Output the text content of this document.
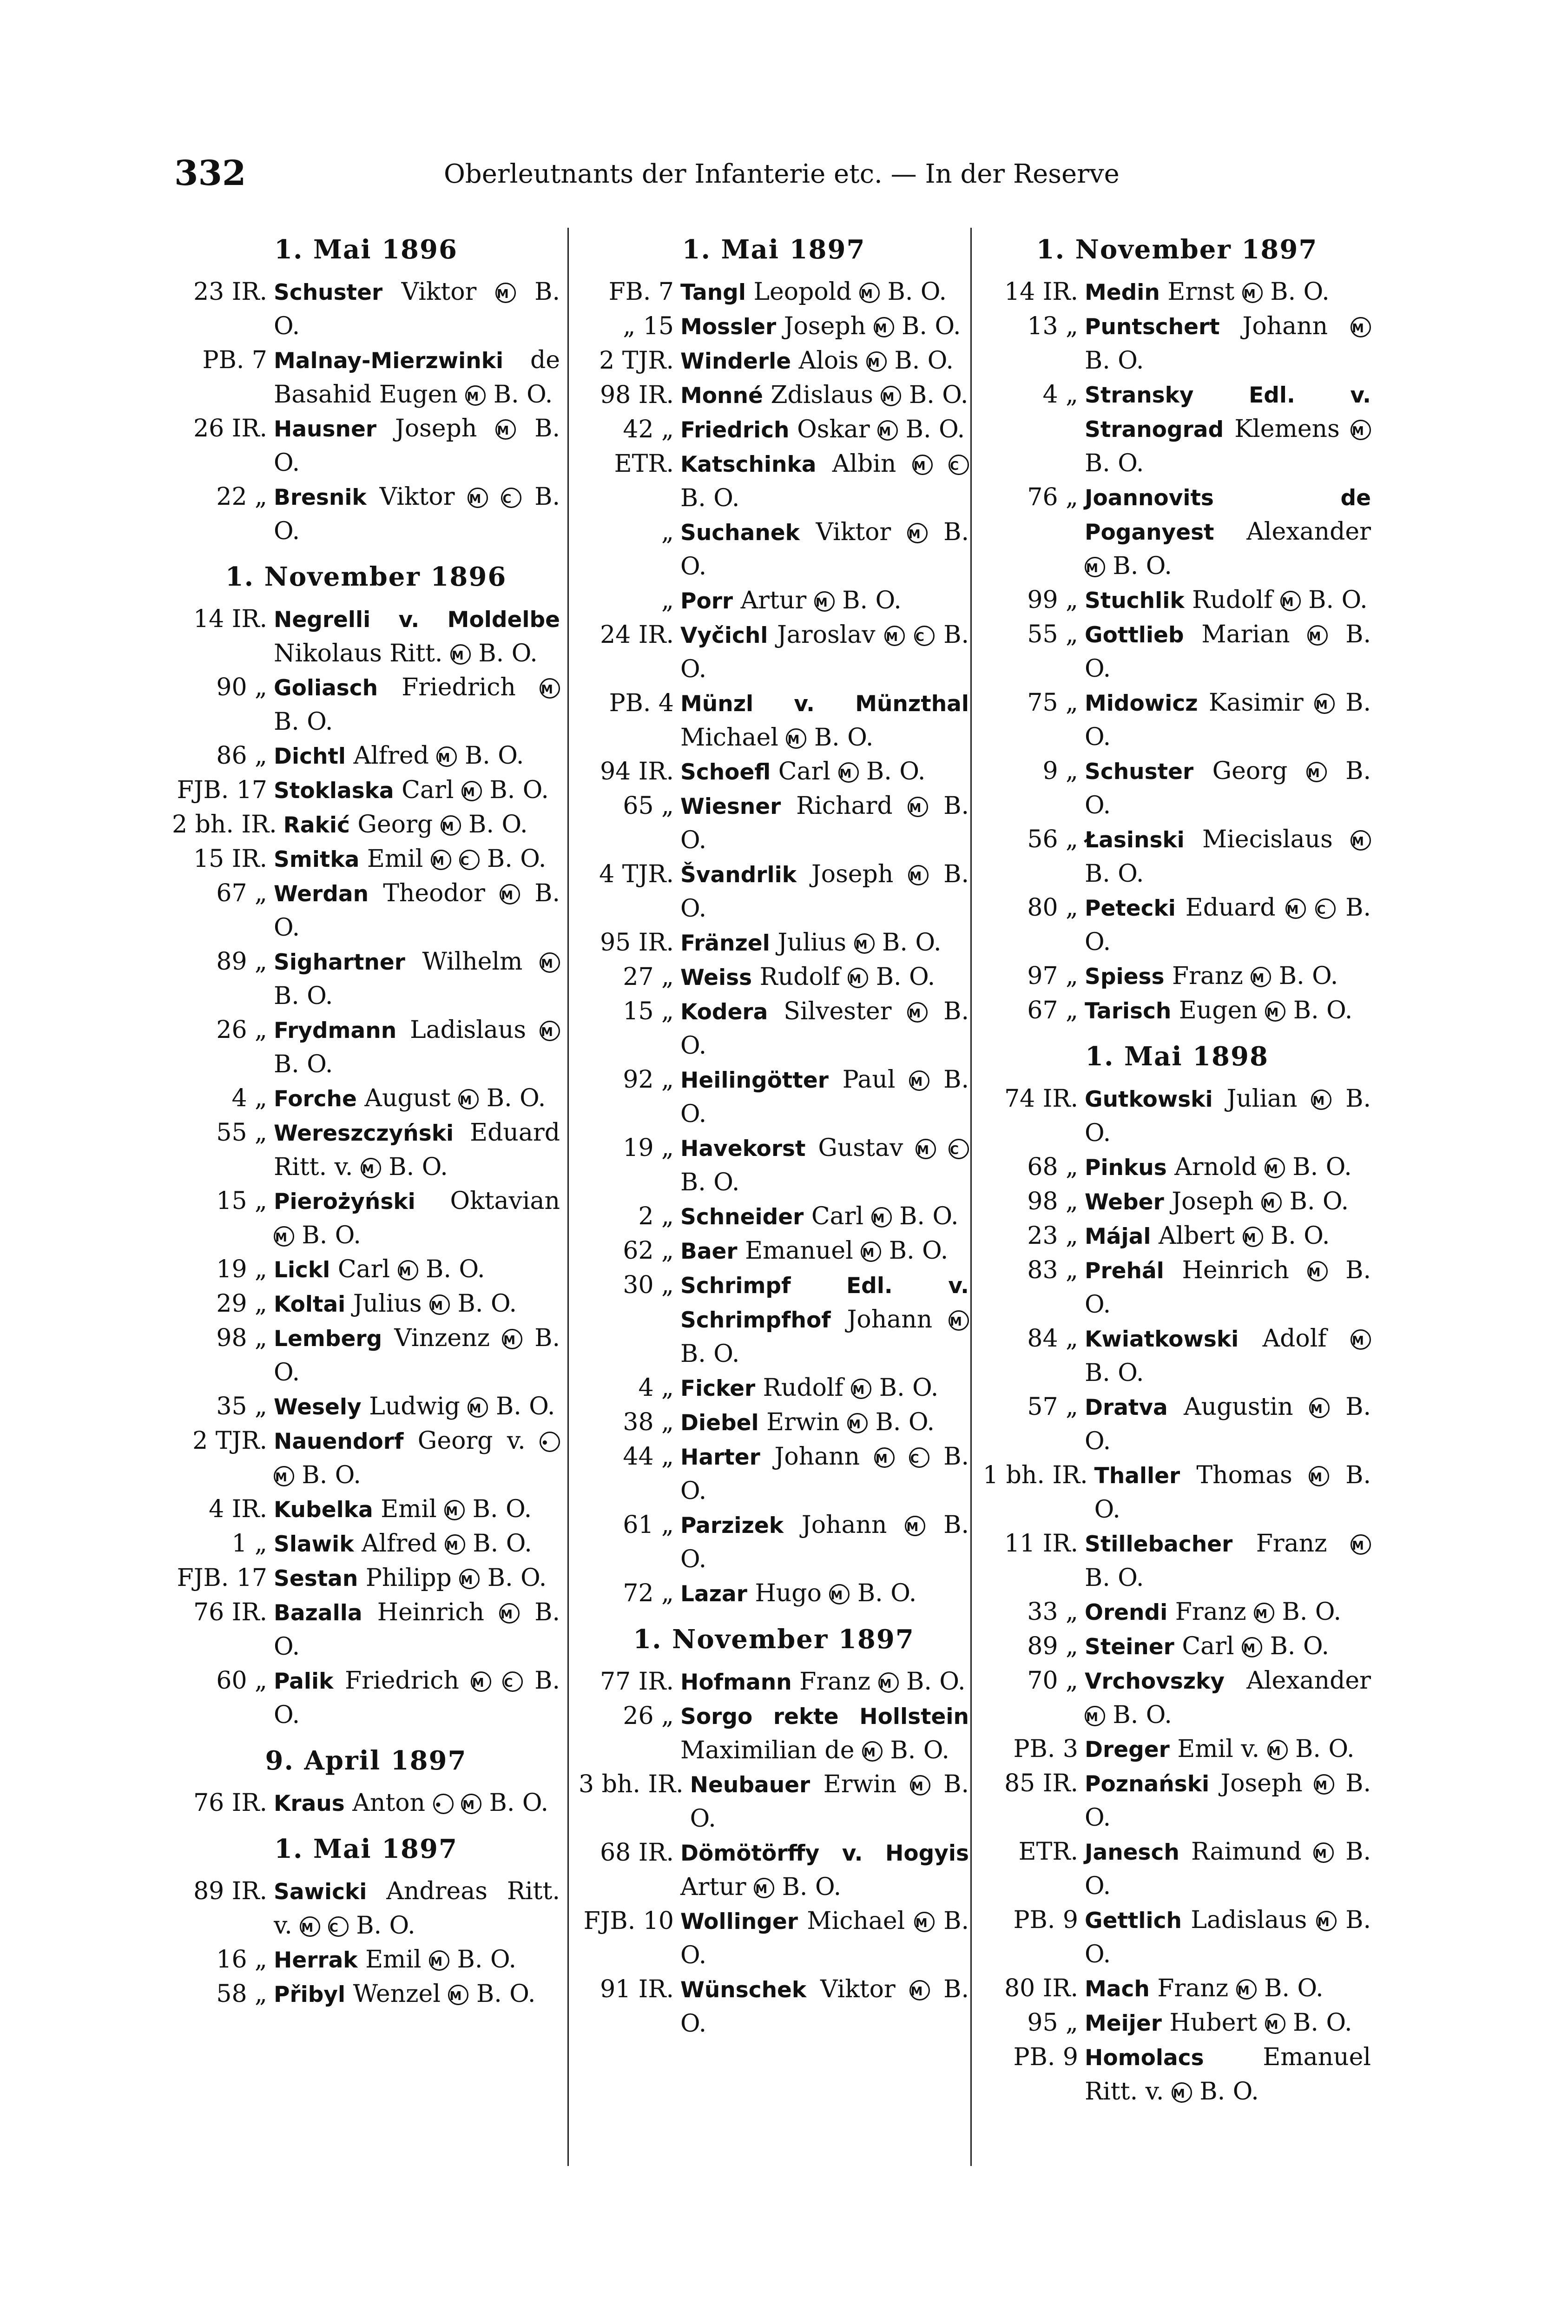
332	Oberleutnants der Infanterie etc. — In der Reserve
1. Mai 1896
23 IR. Schuster Viktor M B. O.
PB. 7 Malnay-Mierzwinki de Basahid Eugen M B. O.
26 IR. Hausner Joseph M B. O.
22 „ Bresnik Viktor M C B. O.
1. November 1896
14 IR. Negrelli v. Moldelbe Nikolaus Ritt. M B. O.
90 „ Goliasch Friedrich M B. O.
86 „ Dichtl Alfred M B. O.
FJB. 17 Stoklaska Carl M B. O.
2 bh. IR. Rakić Georg M B. O.
15 IR. Smitka Emil M C B. O.
67 „ Werdan Theodor M B. O.
89 „ Sighartner Wilhelm M B. O.
26 „ Frydmann Ladislaus M B. O.
4 „ Forche August M B. O.
55 „ Wereszczyński Eduard Ritt. v. M B. O.
15 „ Pierożyński Oktavian M B. O.
19 „ Lickl Carl M B. O.
29 „ Koltai Julius M B. O.
98 „ Lemberg Vinzenz M B. O.
35 „ Wesely Ludwig M B. O.
2 TJR. Nauendorf Georg v. • M B. O.
4 IR. Kubelka Emil M B. O.
1 „ Slawik Alfred M B. O.
FJB. 17 Sestan Philipp M B. O.
76 IR. Bazalla Heinrich M B. O.
60 „ Palik Friedrich M C B. O.
9. April 1897
76 IR. Kraus Anton • M B. O.
1. Mai 1897
89 IR. Sawicki Andreas Ritt. v. M C B. O.
16 „ Herrak Emil M B. O.
58 „ Přibyl Wenzel M B. O.
1. Mai 1897
FB. 7 Tangl Leopold M B. O.
„ 15 Mossler Joseph M B. O.
2 TJR. Winderle Alois M B. O.
98 IR. Monné Zdislaus M B. O.
42 „ Friedrich Oskar M B. O.
ETR. Katschinka Albin M C B. O.
„ Suchanek Viktor M B. O.
„ Porr Artur M B. O.
24 IR. Vyčichl Jaroslav M C B. O.
PB. 4 Münzl v. Münzthal Michael M B. O.
94 IR. Schoefl Carl M B. O.
65 „ Wiesner Richard M B. O.
4 TJR. Švandrlik Joseph M B. O.
95 IR. Fränzel Julius M B. O.
27 „ Weiss Rudolf M B. O.
15 „ Kodera Silvester M B. O.
92 „ Heilingötter Paul M B. O.
19 „ Havekorst Gustav M C B. O.
2 „ Schneider Carl M B. O.
62 „ Baer Emanuel M B. O.
30 „ Schrimpf Edl. v. Schrimpfhof Johann M B. O.
4 „ Ficker Rudolf M B. O.
38 „ Diebel Erwin M B. O.
44 „ Harter Johann M C B. O.
61 „ Parzizek Johann M B. O.
72 „ Lazar Hugo M B. O.
1. November 1897
77 IR. Hofmann Franz M B. O.
26 „ Sorgo rekte Hollstein Maximilian de M B. O.
3 bh. IR. Neubauer Erwin M B. O.
68 IR. Dömötörffy v. Hogyis Artur M B. O.
FJB. 10 Wollinger Michael M B. O.
91 IR. Wünschek Viktor M B. O.
1. November 1897
14 IR. Medin Ernst M B. O.
13 „ Puntschert Johann M B. O.
4 „ Stransky Edl. v. Stranograd Klemens M B. O.
76 „ Joannovits de Poganyest Alexander M B. O.
99 „ Stuchlik Rudolf M B. O.
55 „ Gottlieb Marian M B. O.
75 „ Midowicz Kasimir M B. O.
9 „ Schuster Georg M B. O.
56 „ Łasinski Miecislaus M B. O.
80 „ Petecki Eduard M C B. O.
97 „ Spiess Franz M B. O.
67 „ Tarisch Eugen M B. O.
1. Mai 1898
74 IR. Gutkowski Julian M B. O.
68 „ Pinkus Arnold M B. O.
98 „ Weber Joseph M B. O.
23 „ Májal Albert M B. O.
83 „ Prehál Heinrich M B. O.
84 „ Kwiatkowski Adolf M B. O.
57 „ Dratva Augustin M B. O.
1 bh. IR. Thaller Thomas M B. O.
11 IR. Stillebacher Franz M B. O.
33 „ Orendi Franz M B. O.
89 „ Steiner Carl M B. O.
70 „ Vrchovszky Alexander M B. O.
PB. 3 Dreger Emil v. M B. O.
85 IR. Poznański Joseph M B. O.
ETR. Janesch Raimund M B. O.
PB. 9 Gettlich Ladislaus M B. O.
80 IR. Mach Franz M B. O.
95 „ Meijer Hubert M B. O.
PB. 9 Homolacs Emanuel Ritt. v. M B. O.
